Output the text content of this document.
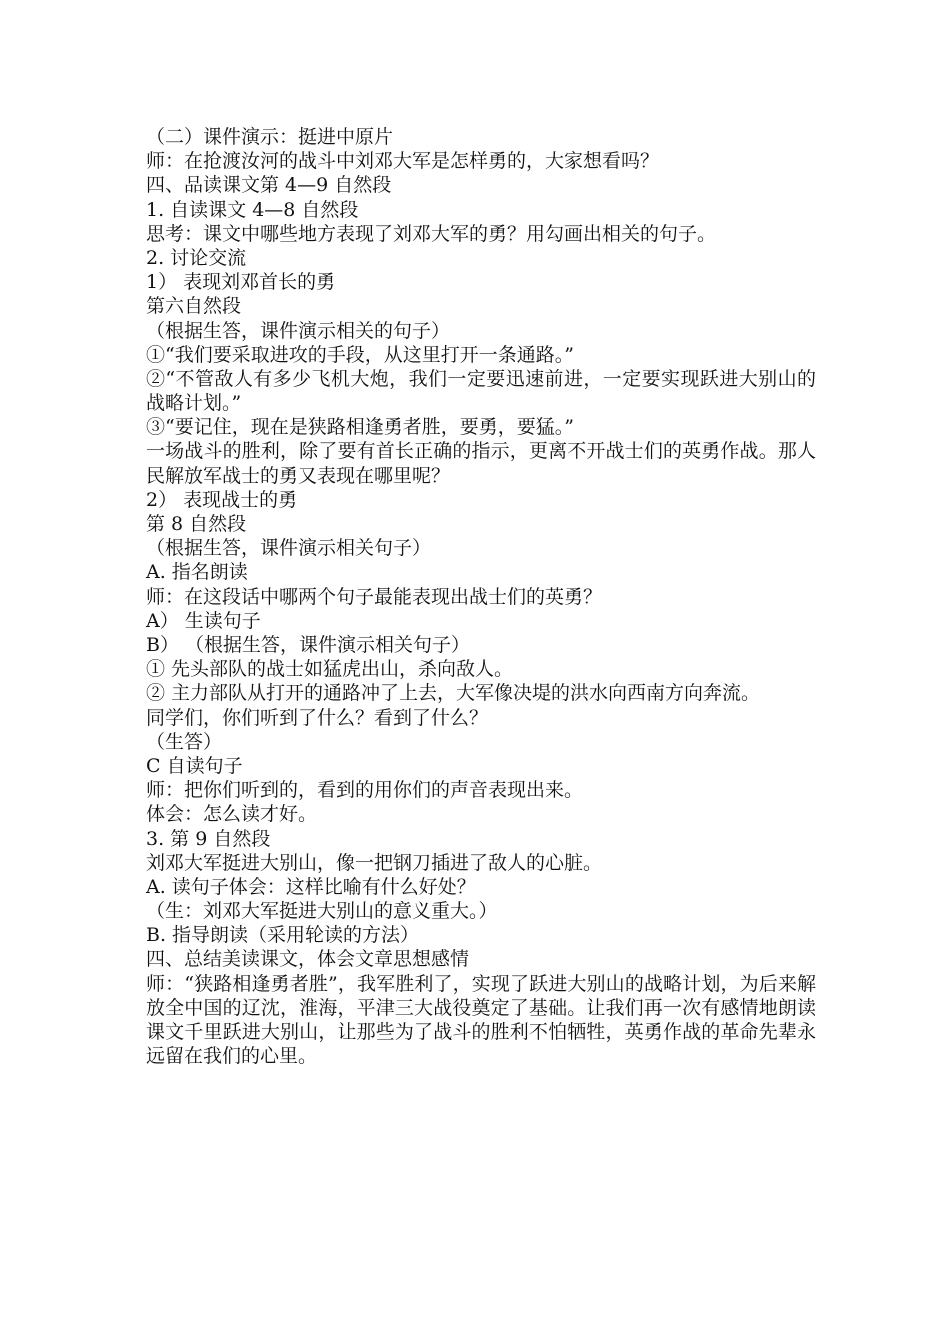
（二）课件演示：挺进中原片
师：在抢渡汝河的战斗中刘邓大军是怎样勇的，大家想看吗？
四、品读课文第 4—9 自然段
1. 自读课文 4—8 自然段
思考：课文中哪些地方表现了刘邓大军的勇？用勾画出相关的句子。
2. 讨论交流
1） 表现刘邓首长的勇
第六自然段
（根据生答，课件演示相关的句子）
①“我们要采取进攻的手段，从这里打开一条通路。”
②“不管敌人有多少飞机大炮，我们一定要迅速前进，一定要实现跃进大别山的战略计划。”
③“要记住，现在是狭路相逢勇者胜，要勇，要猛。”
一场战斗的胜利，除了要有首长正确的指示，更离不开战士们的英勇作战。那人民解放军战士的勇又表现在哪里呢？
2） 表现战士的勇
第 8 自然段
（根据生答，课件演示相关句子）
A. 指名朗读
师：在这段话中哪两个句子最能表现出战士们的英勇？
A） 生读句子
B） （根据生答，课件演示相关句子）
① 先头部队的战士如猛虎出山，杀向敌人。
② 主力部队从打开的通路冲了上去，大军像决堤的洪水向西南方向奔流。
同学们，你们听到了什么？看到了什么？
（生答）
C 自读句子
师：把你们听到的，看到的用你们的声音表现出来。
体会：怎么读才好。
3. 第 9 自然段
刘邓大军挺进大别山，像一把钢刀插进了敌人的心脏。
A. 读句子体会：这样比喻有什么好处？
（生：刘邓大军挺进大别山的意义重大。）
B. 指导朗读（采用轮读的方法）
四、总结美读课文，体会文章思想感情
师：“狭路相逢勇者胜”，我军胜利了，实现了跃进大别山的战略计划，为后来解放全中国的辽沈，淮海，平津三大战役奠定了基础。让我们再一次有感情地朗读课文千里跃进大别山，让那些为了战斗的胜利不怕牺牲，英勇作战的革命先辈永远留在我们的心里。
